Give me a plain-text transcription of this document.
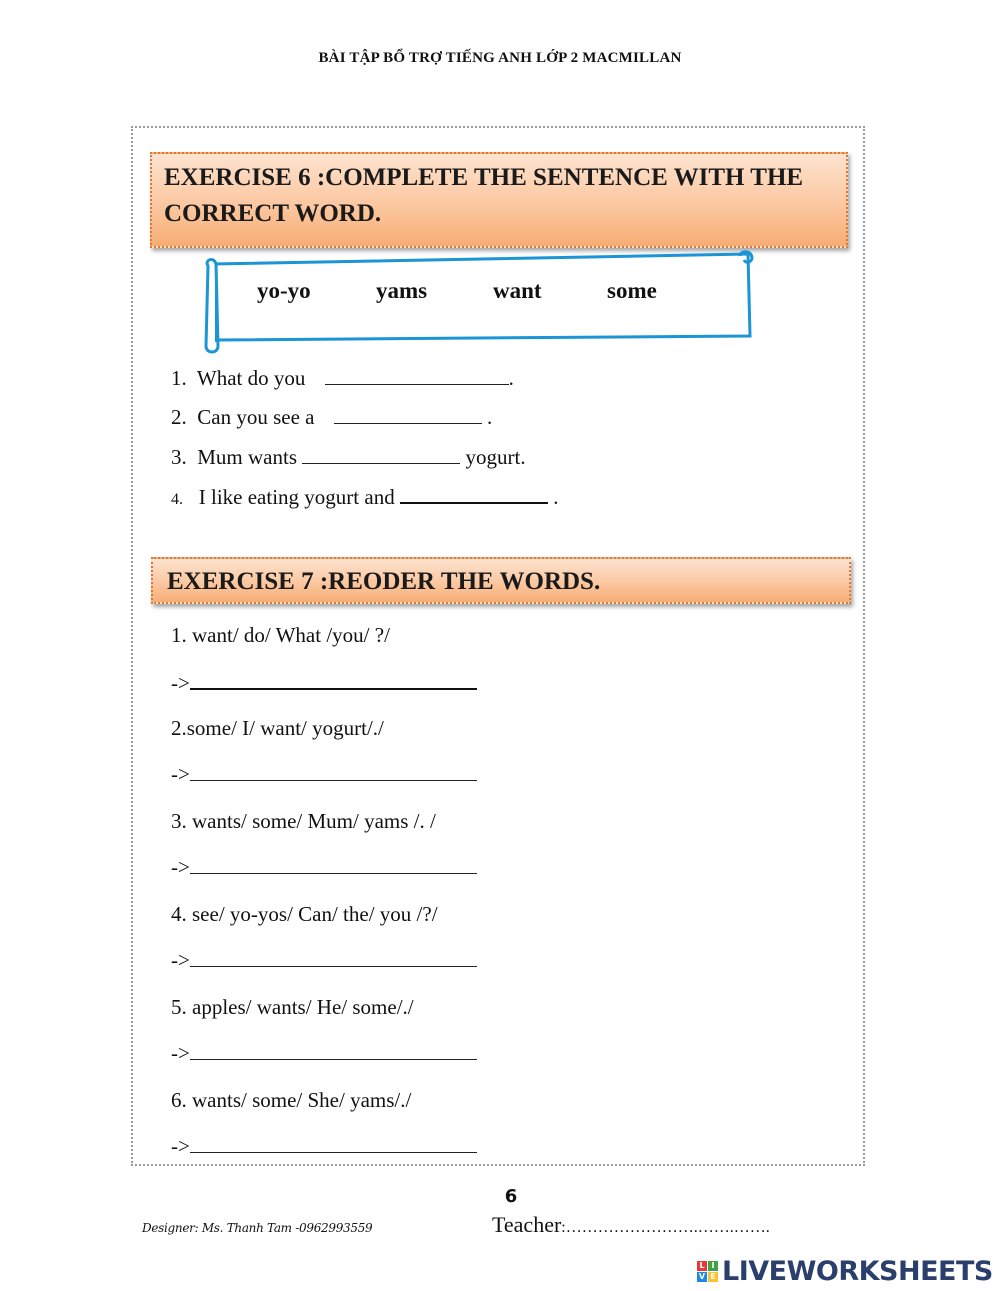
BÀI TẬP BỔ TRỢ TIẾNG ANH LỚP 2 MACMILLAN
EXERCISE 6 :COMPLETE THE SENTENCE WITH THE
CORRECT WORD.
yo-yo	yams	want	some
1. What do you	.
2. Can you see a	.
3. Mum wants	yogurt.
4. I like eating yogurt and	.
EXERCISE 7 :REODER THE WORDS.
1. want/ do/ What /you/ ?/
->
2.some/ I/ want/ yogurt/./
->
3. wants/ some/ Mum/ yams /. /
->
4. see/ yo-yos/ Can/ the/ you /?/
->
5. apples/ wants/ He/ some/./
->
6. wants/ some/ She/ yams/./
->
6
Designer: Ms. Thanh Tam -0962993559	Teacher:…………………….…….…….
L I
V E LIVEWORKSHEETS
